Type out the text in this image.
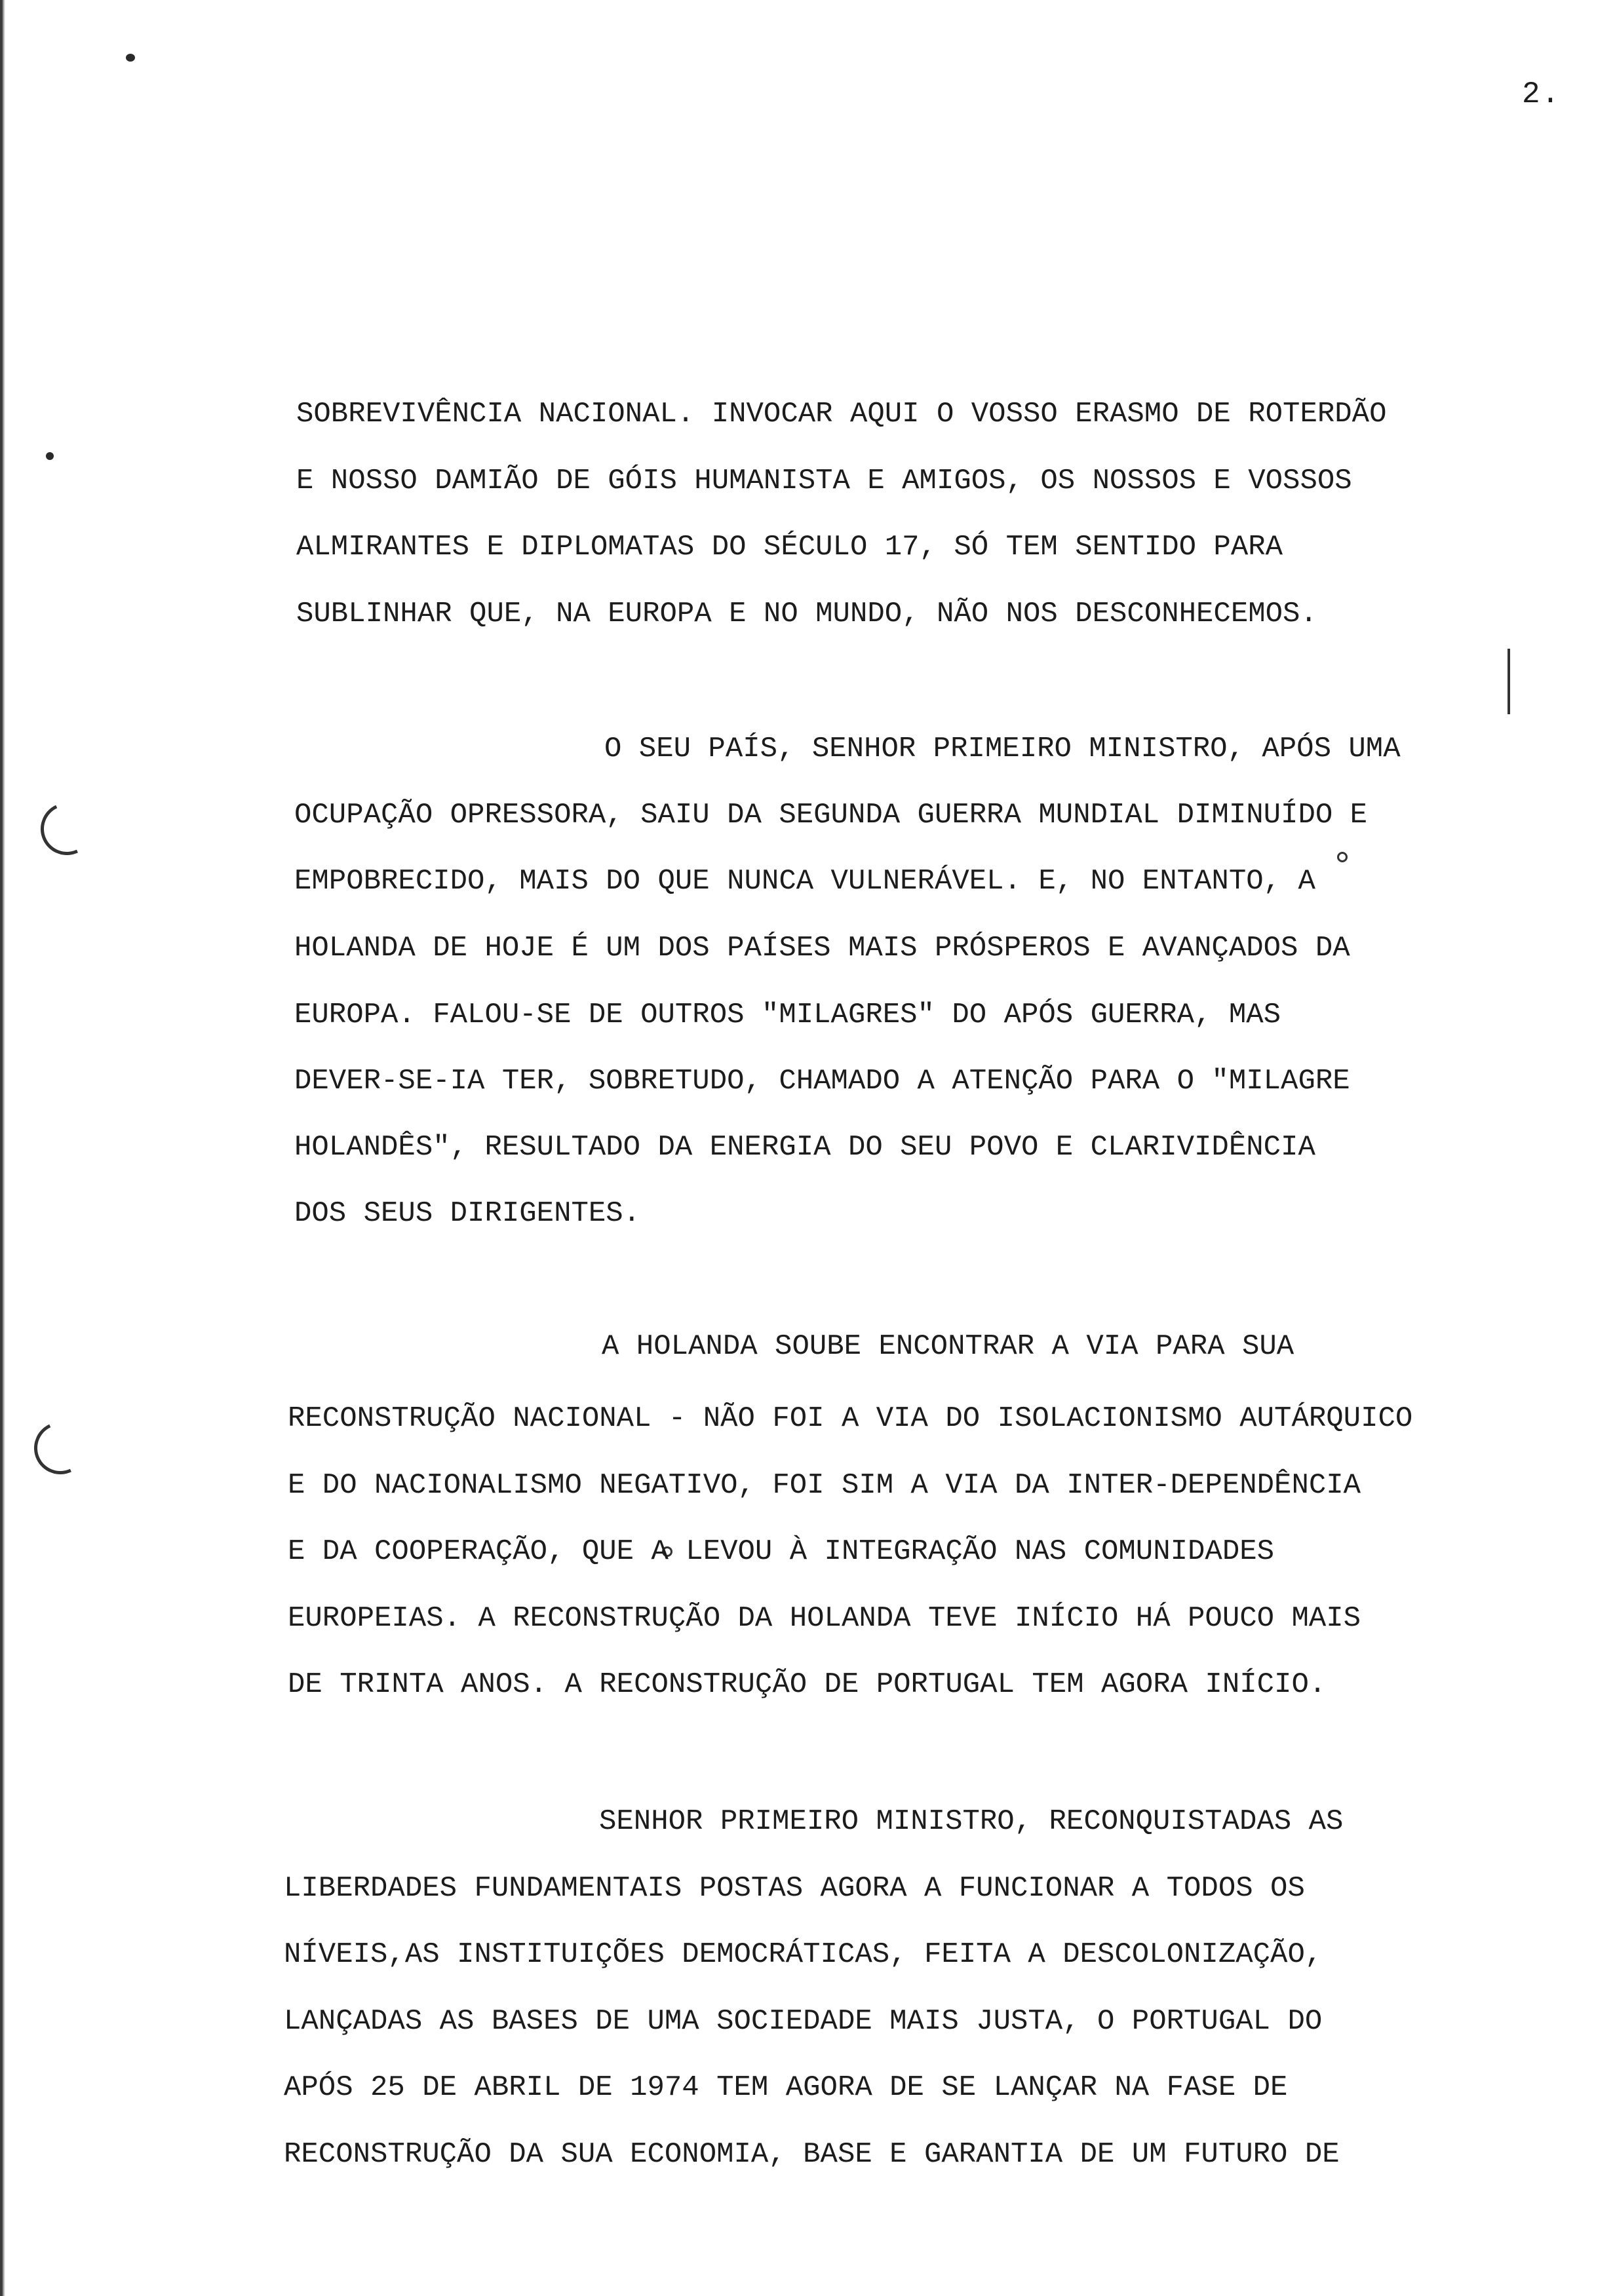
2.
SOBREVIVÊNCIA NACIONAL. INVOCAR AQUI O VOSSO ERASMO DE ROTERDÃO
E NOSSO DAMIÃO DE GÓIS HUMANISTA E AMIGOS, OS NOSSOS E VOSSOS
ALMIRANTES E DIPLOMATAS DO SÉCULO 17, SÓ TEM SENTIDO PARA
SUBLINHAR QUE, NA EUROPA E NO MUNDO, NÃO NOS DESCONHECEMOS.
O SEU PAÍS, SENHOR PRIMEIRO MINISTRO, APÓS UMA
OCUPAÇÃO OPRESSORA, SAIU DA SEGUNDA GUERRA MUNDIAL DIMINUÍDO E
EMPOBRECIDO, MAIS DO QUE NUNCA VULNERÁVEL. E, NO ENTANTO, A
HOLANDA DE HOJE É UM DOS PAÍSES MAIS PRÓSPEROS E AVANÇADOS DA
EUROPA. FALOU-SE DE OUTROS "MILAGRES" DO APÓS GUERRA, MAS
DEVER-SE-IA TER, SOBRETUDO, CHAMADO A ATENÇÃO PARA O "MILAGRE
HOLANDÊS", RESULTADO DA ENERGIA DO SEU POVO E CLARIVIDÊNCIA
DOS SEUS DIRIGENTES.
A HOLANDA SOUBE ENCONTRAR A VIA PARA SUA
RECONSTRUÇÃO NACIONAL - NÃO FOI A VIA DO ISOLACIONISMO AUTÁRQUICO
E DO NACIONALISMO NEGATIVO, FOI SIM A VIA DA INTER-DEPENDÊNCIA
E DA COOPERAÇÃO, QUE A LEVOU À INTEGRAÇÃO NAS COMUNIDADES
EUROPEIAS. A RECONSTRUÇÃO DA HOLANDA TEVE INÍCIO HÁ POUCO MAIS
DE TRINTA ANOS. A RECONSTRUÇÃO DE PORTUGAL TEM AGORA INÍCIO.
SENHOR PRIMEIRO MINISTRO, RECONQUISTADAS AS
LIBERDADES FUNDAMENTAIS POSTAS AGORA A FUNCIONAR A TODOS OS
NÍVEIS,AS INSTITUIÇÕES DEMOCRÁTICAS, FEITA A DESCOLONIZAÇÃO,
LANÇADAS AS BASES DE UMA SOCIEDADE MAIS JUSTA, O PORTUGAL DO
APÓS 25 DE ABRIL DE 1974 TEM AGORA DE SE LANÇAR NA FASE DE
RECONSTRUÇÃO DA SUA ECONOMIA, BASE E GARANTIA DE UM FUTURO DE
